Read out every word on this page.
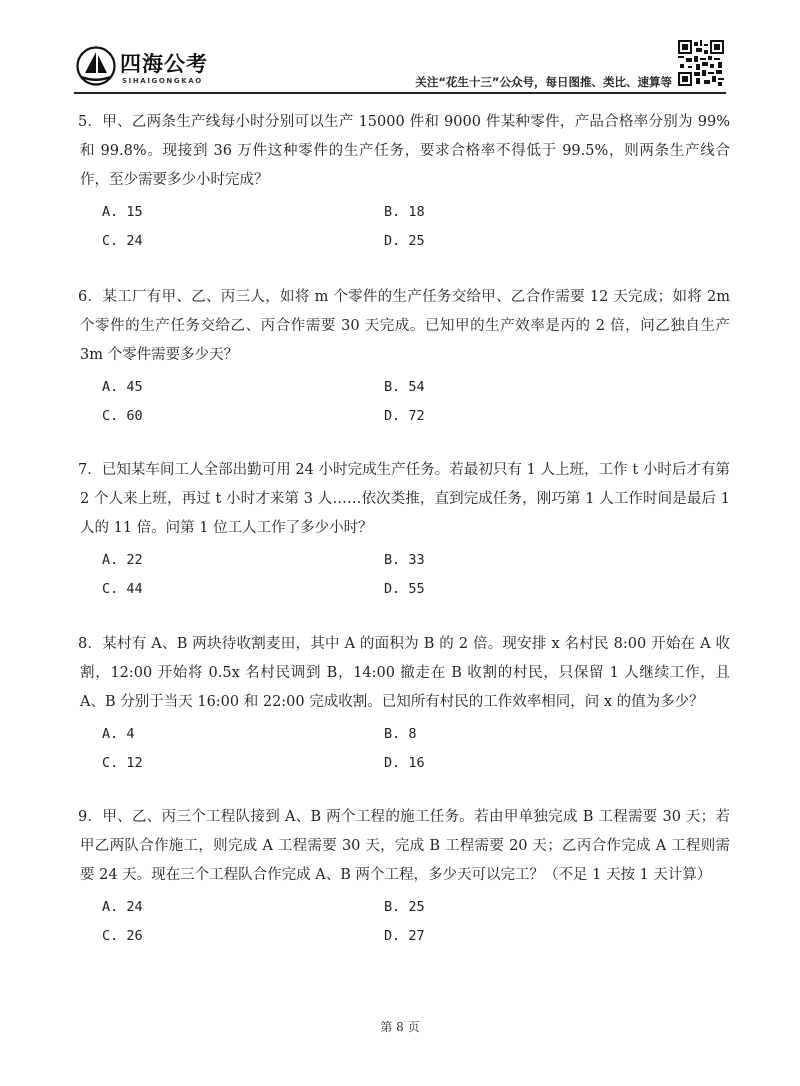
四海公考
SIHAIGONGKAO	关注“花生十三”公众号，每日图推、类比、速算等

5．甲、乙两条生产线每小时分别可以生产 15000 件和 9000 件某种零件，产品合格率分别为 99%和 99.8%。现接到 36 万件这种零件的生产任务，要求合格率不得低于 99.5%，则两条生产线合作，至少需要多少小时完成？

A. 15	B. 18
C. 24	D. 25

6．某工厂有甲、乙、丙三人，如将 m 个零件的生产任务交给甲、乙合作需要 12 天完成；如将 2m 个零件的生产任务交给乙、丙合作需要 30 天完成。已知甲的生产效率是丙的 2 倍，问乙独自生产 3m 个零件需要多少天？

A. 45	B. 54
C. 60	D. 72

7．已知某车间工人全部出勤可用 24 小时完成生产任务。若最初只有 1 人上班，工作 t 小时后才有第 2 个人来上班，再过 t 小时才来第 3 人……依次类推，直到完成任务，刚巧第 1 人工作时间是最后 1 人的 11 倍。问第 1 位工人工作了多少小时？

A. 22	B. 33
C. 44	D. 55

8．某村有 A、B 两块待收割麦田，其中 A 的面积为 B 的 2 倍。现安排 x 名村民 8:00 开始在 A 收割，12:00 开始将 0.5x 名村民调到 B，14:00 撤走在 B 收割的村民，只保留 1 人继续工作，且 A、B 分别于当天 16:00 和 22:00 完成收割。已知所有村民的工作效率相同，问 x 的值为多少？

A. 4	B. 8
C. 12	D. 16

9．甲、乙、丙三个工程队接到 A、B 两个工程的施工任务。若由甲单独完成 B 工程需要 30 天；若甲乙两队合作施工，则完成 A 工程需要 30 天，完成 B 工程需要 20 天；乙丙合作完成 A 工程则需要 24 天。现在三个工程队合作完成 A、B 两个工程，多少天可以完工？（不足 1 天按 1 天计算）

A. 24	B. 25
C. 26	D. 27
第 8 页
